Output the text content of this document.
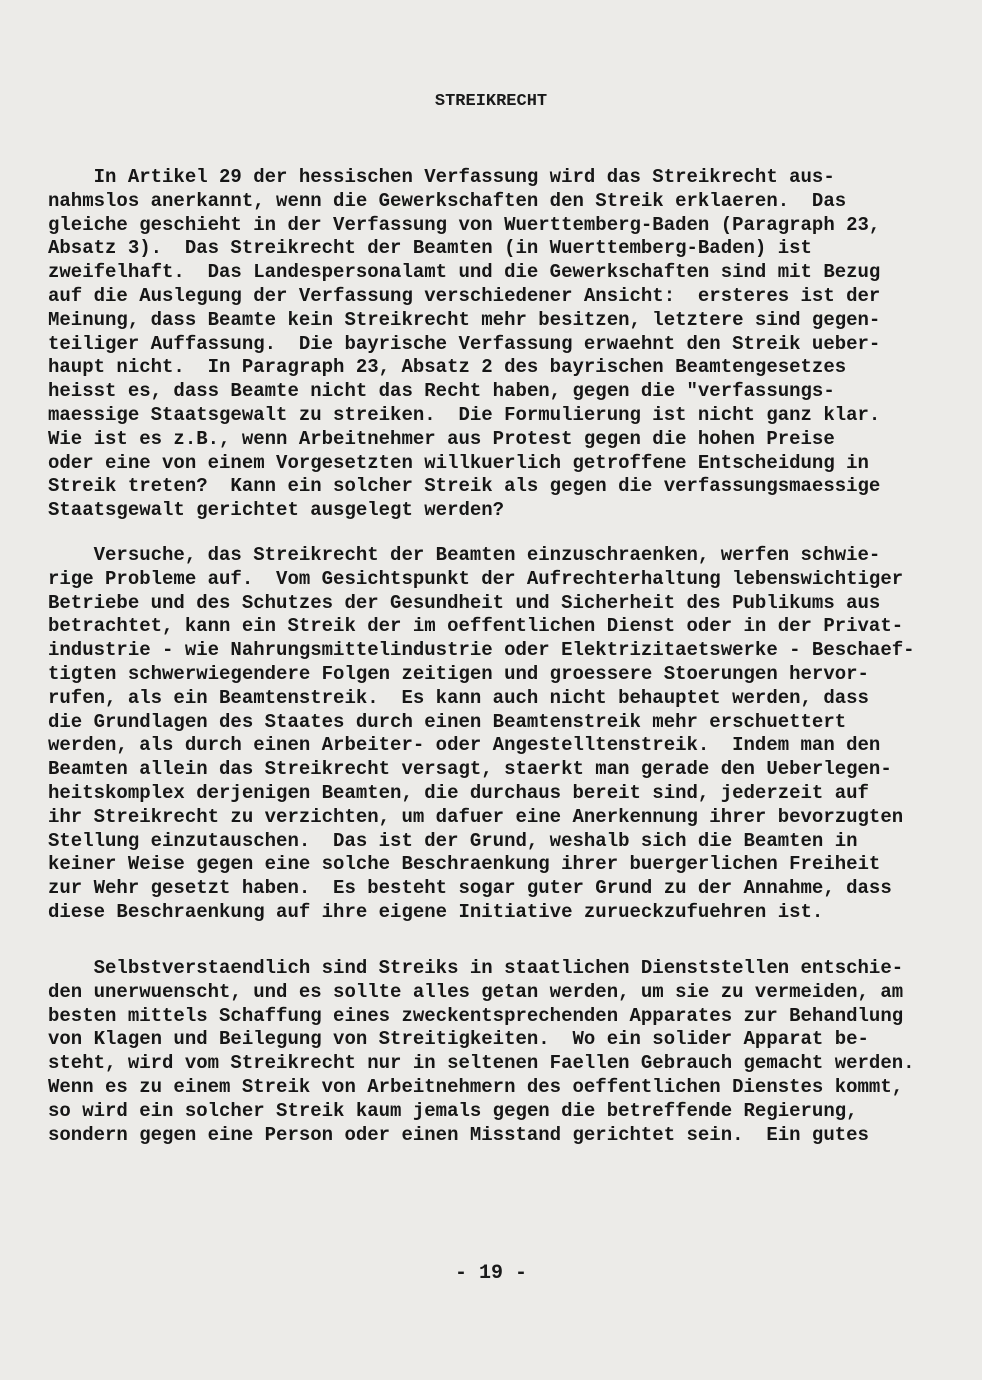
STREIKRECHT
In Artikel 29 der hessischen Verfassung wird das Streikrecht aus-
nahmslos anerkannt, wenn die Gewerkschaften den Streik erklaeren.  Das
gleiche geschieht in der Verfassung von Wuerttemberg-Baden (Paragraph 23,
Absatz 3).  Das Streikrecht der Beamten (in Wuerttemberg-Baden) ist
zweifelhaft.  Das Landespersonalamt und die Gewerkschaften sind mit Bezug
auf die Auslegung der Verfassung verschiedener Ansicht:  ersteres ist der
Meinung, dass Beamte kein Streikrecht mehr besitzen, letztere sind gegen-
teiliger Auffassung.  Die bayrische Verfassung erwaehnt den Streik ueber-
haupt nicht.  In Paragraph 23, Absatz 2 des bayrischen Beamtengesetzes
heisst es, dass Beamte nicht das Recht haben, gegen die "verfassungs-
maessige Staatsgewalt zu streiken.  Die Formulierung ist nicht ganz klar.
Wie ist es z.B., wenn Arbeitnehmer aus Protest gegen die hohen Preise
oder eine von einem Vorgesetzten willkuerlich getroffene Entscheidung in
Streik treten?  Kann ein solcher Streik als gegen die verfassungsmaessige
Staatsgewalt gerichtet ausgelegt werden?
Versuche, das Streikrecht der Beamten einzuschraenken, werfen schwie-
rige Probleme auf.  Vom Gesichtspunkt der Aufrechterhaltung lebenswichtiger
Betriebe und des Schutzes der Gesundheit und Sicherheit des Publikums aus
betrachtet, kann ein Streik der im oeffentlichen Dienst oder in der Privat-
industrie - wie Nahrungsmittelindustrie oder Elektrizitaetswerke - Beschaef-
tigten schwerwiegendere Folgen zeitigen und groessere Stoerungen hervor-
rufen, als ein Beamtenstreik.  Es kann auch nicht behauptet werden, dass
die Grundlagen des Staates durch einen Beamtenstreik mehr erschuettert
werden, als durch einen Arbeiter- oder Angestelltenstreik.  Indem man den
Beamten allein das Streikrecht versagt, staerkt man gerade den Ueberlegen-
heitskomplex derjenigen Beamten, die durchaus bereit sind, jederzeit auf
ihr Streikrecht zu verzichten, um dafuer eine Anerkennung ihrer bevorzugten
Stellung einzutauschen.  Das ist der Grund, weshalb sich die Beamten in
keiner Weise gegen eine solche Beschraenkung ihrer buergerlichen Freiheit
zur Wehr gesetzt haben.  Es besteht sogar guter Grund zu der Annahme, dass
diese Beschraenkung auf ihre eigene Initiative zurueckzufuehren ist.
Selbstverstaendlich sind Streiks in staatlichen Dienststellen entschie-
den unerwuenscht, und es sollte alles getan werden, um sie zu vermeiden, am
besten mittels Schaffung eines zweckentsprechenden Apparates zur Behandlung
von Klagen und Beilegung von Streitigkeiten.  Wo ein solider Apparat be-
steht, wird vom Streikrecht nur in seltenen Faellen Gebrauch gemacht werden.
Wenn es zu einem Streik von Arbeitnehmern des oeffentlichen Dienstes kommt,
so wird ein solcher Streik kaum jemals gegen die betreffende Regierung,
sondern gegen eine Person oder einen Misstand gerichtet sein.  Ein gutes
- 19 -
